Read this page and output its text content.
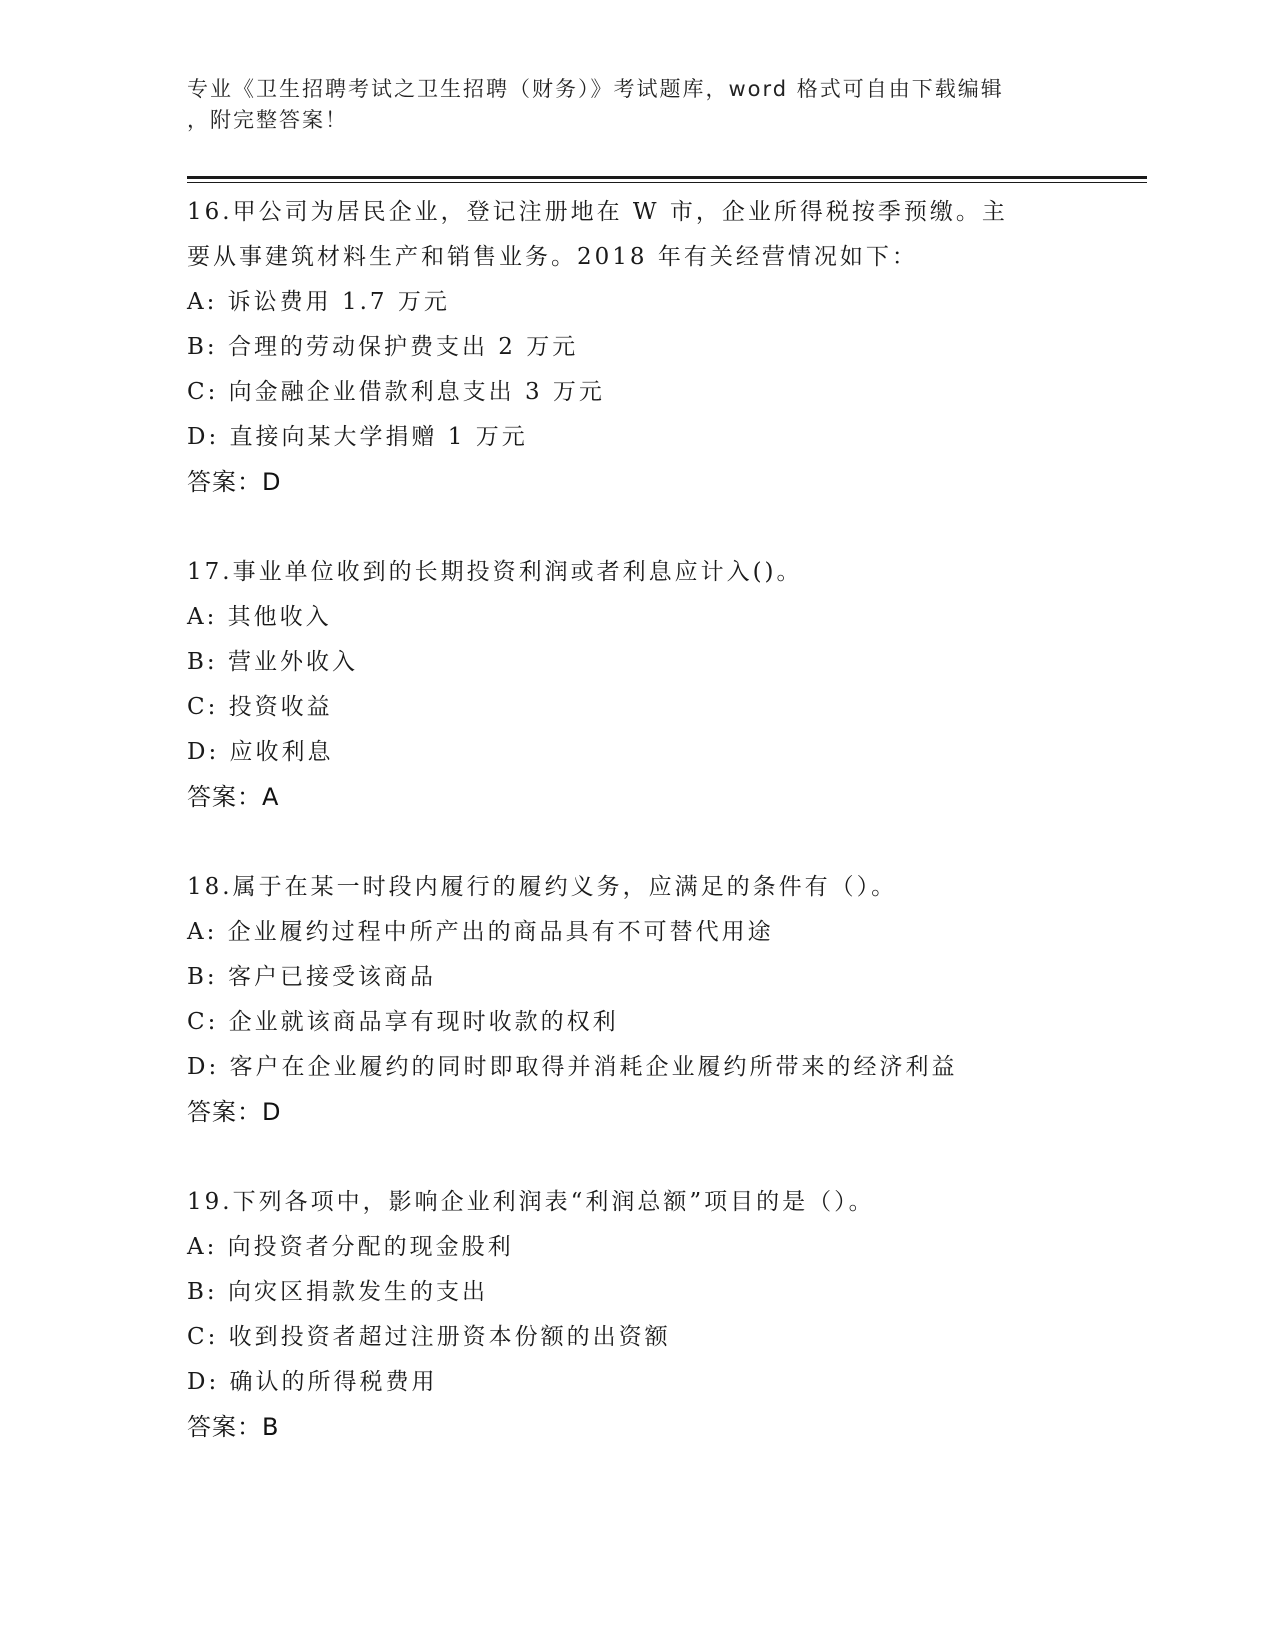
专业《卫生招聘考试之卫生招聘（财务）》考试题库，word 格式可自由下载编辑
，附完整答案！
16.甲公司为居民企业，登记注册地在 W 市，企业所得税按季预缴。主
要从事建筑材料生产和销售业务。2018 年有关经营情况如下：
A: 诉讼费用 1.7 万元
B: 合理的劳动保护费支出 2 万元
C: 向金融企业借款利息支出 3 万元
D: 直接向某大学捐赠 1 万元
答案：D
17.事业单位收到的长期投资利润或者利息应计入()。
A: 其他收入
B: 营业外收入
C: 投资收益
D: 应收利息
答案：A
18.属于在某一时段内履行的履约义务，应满足的条件有（）。
A: 企业履约过程中所产出的商品具有不可替代用途
B: 客户已接受该商品
C: 企业就该商品享有现时收款的权利
D: 客户在企业履约的同时即取得并消耗企业履约所带来的经济利益
答案：D
19.下列各项中，影响企业利润表“利润总额”项目的是（）。
A: 向投资者分配的现金股利
B: 向灾区捐款发生的支出
C: 收到投资者超过注册资本份额的出资额
D: 确认的所得税费用
答案：B
